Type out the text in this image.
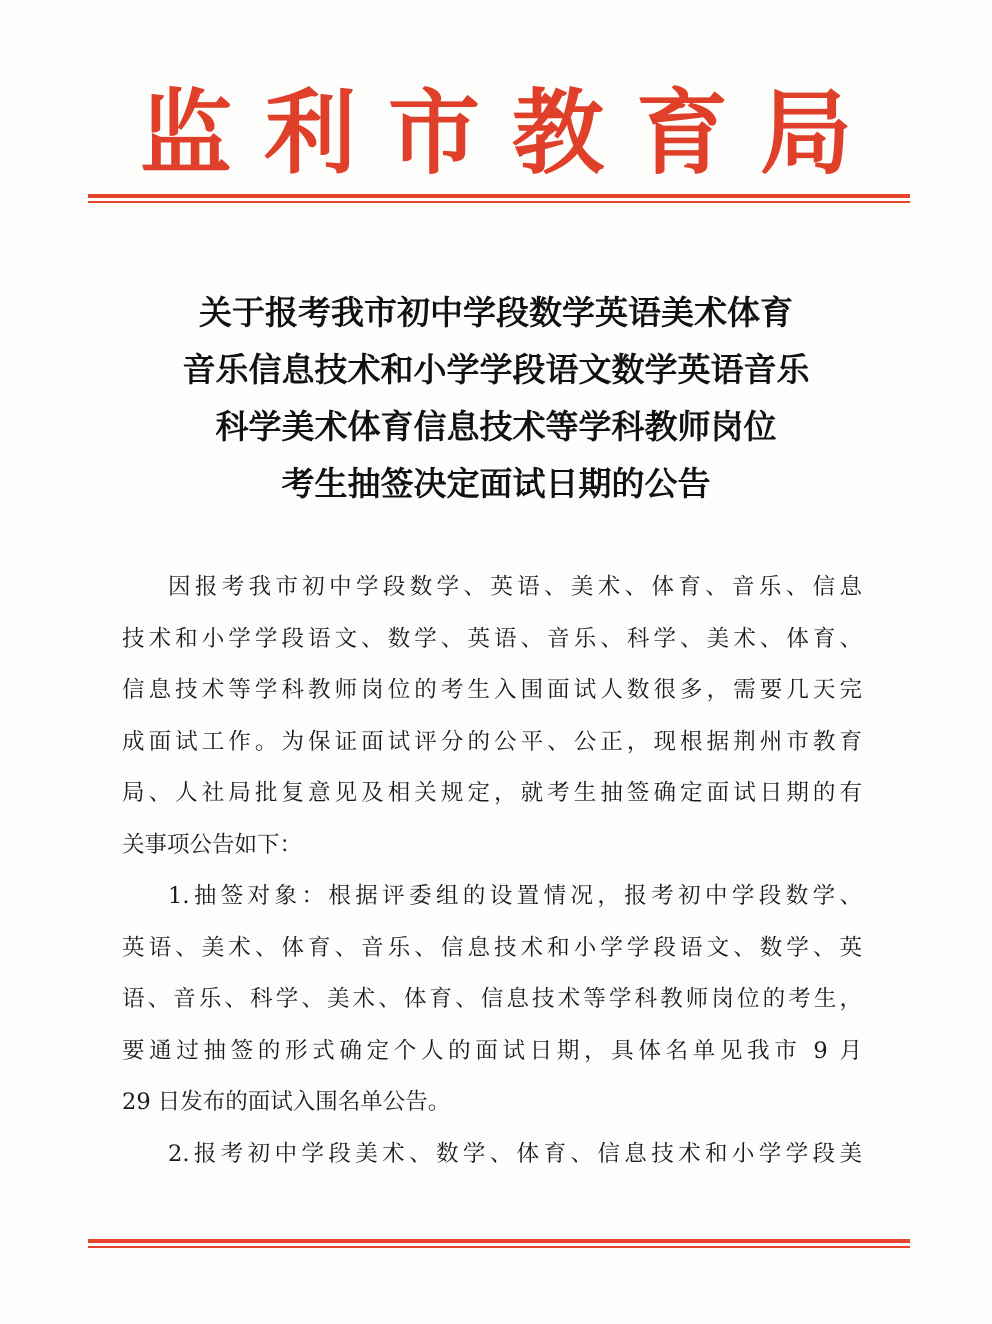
监利市教育局
关于报考我市初中学段数学英语美术体育
音乐信息技术和小学学段语文数学英语音乐
科学美术体育信息技术等学科教师岗位
考生抽签决定面试日期的公告
因报考我市初中学段数学、英语、美术、体育、音乐、信息
技术和小学学段语文、数学、英语、音乐、科学、美术、体育、
信息技术等学科教师岗位的考生入围面试人数很多，需要几天完
成面试工作。为保证面试评分的公平、公正，现根据荆州市教育
局、人社局批复意见及相关规定，就考生抽签确定面试日期的有
关事项公告如下：
1.抽签对象：根据评委组的设置情况，报考初中学段数学、
英语、美术、体育、音乐、信息技术和小学学段语文、数学、英
语、音乐、科学、美术、体育、信息技术等学科教师岗位的考生，
要通过抽签的形式确定个人的面试日期，具体名单见我市 9 月
29 日发布的面试入围名单公告。
2.报考初中学段美术、数学、体育、信息技术和小学学段美
